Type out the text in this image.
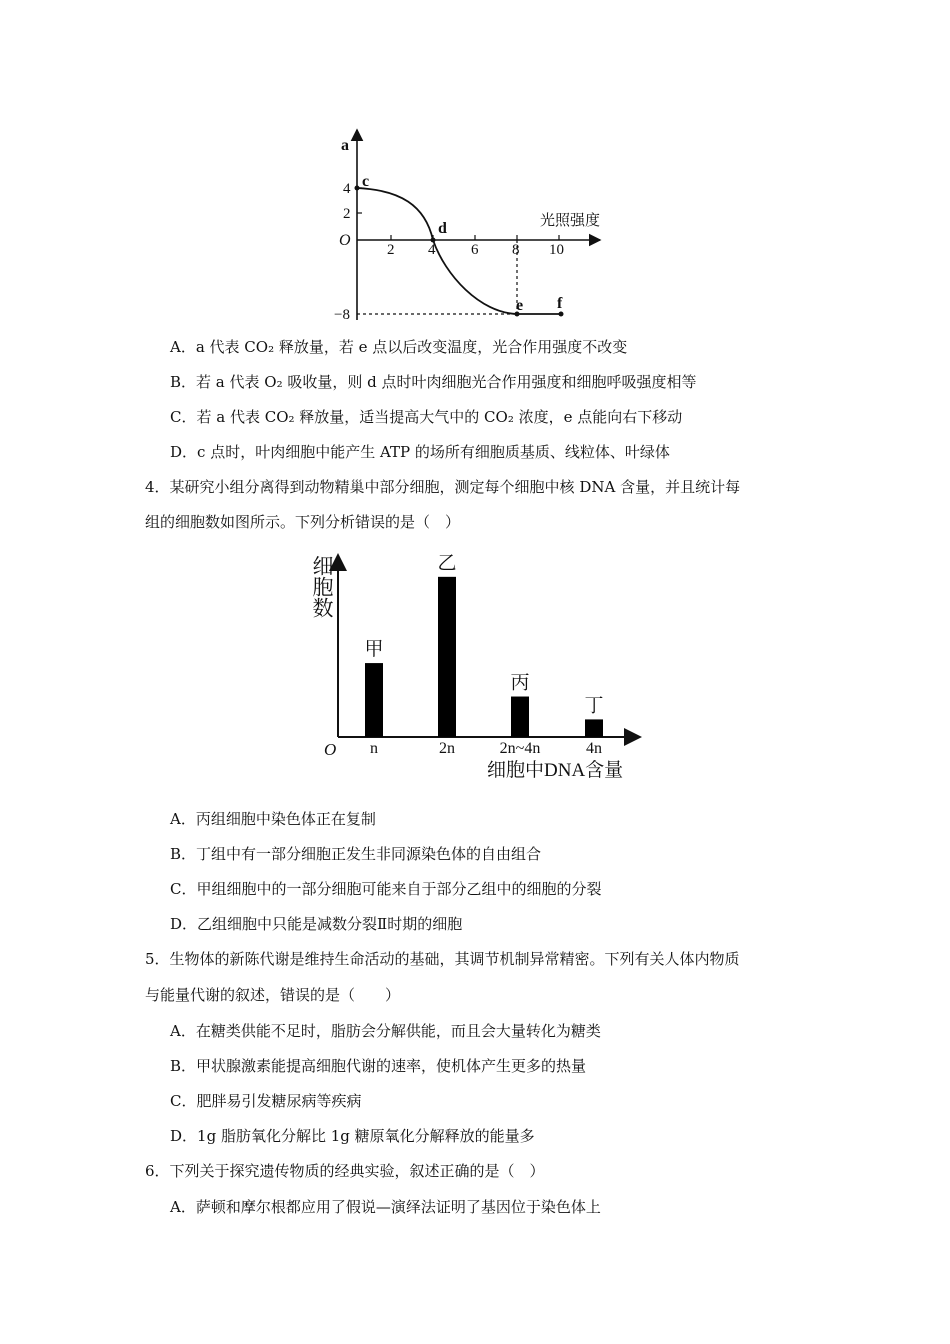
a
光照强度
O
4
2
−8
2 4 6 8 10
c
d
e f
A．a 代表 CO₂ 释放量，若 e 点以后改变温度，光合作用强度不改变
B．若 a 代表 O₂ 吸收量，则 d 点时叶肉细胞光合作用强度和细胞呼吸强度相等
C．若 a 代表 CO₂ 释放量，适当提高大气中的 CO₂ 浓度，e 点能向右下移动
D．c 点时，叶肉细胞中能产生 ATP 的场所有细胞质基质、线粒体、叶绿体
4．某研究小组分离得到动物精巢中部分细胞，测定每个细胞中核 DNA 含量，并且统计每
组的细胞数如图所示。下列分析错误的是（　）
细胞数
O
细胞中DNA含量
甲
n
乙
2n
丙
2n~4n
丁
4n
A．丙组细胞中染色体正在复制
B．丁组中有一部分细胞正发生非同源染色体的自由组合
C．甲组细胞中的一部分细胞可能来自于部分乙组中的细胞的分裂
D．乙组细胞中只能是减数分裂Ⅱ时期的细胞
5．生物体的新陈代谢是维持生命活动的基础，其调节机制异常精密。下列有关人体内物质
与能量代谢的叙述，错误的是（　　）
A．在糖类供能不足时，脂肪会分解供能，而且会大量转化为糖类
B．甲状腺激素能提高细胞代谢的速率，使机体产生更多的热量
C．肥胖易引发糖尿病等疾病
D．1g 脂肪氧化分解比 1g 糖原氧化分解释放的能量多
6．下列关于探究遗传物质的经典实验，叙述正确的是（　）
A．萨顿和摩尔根都应用了假说—演绎法证明了基因位于染色体上
